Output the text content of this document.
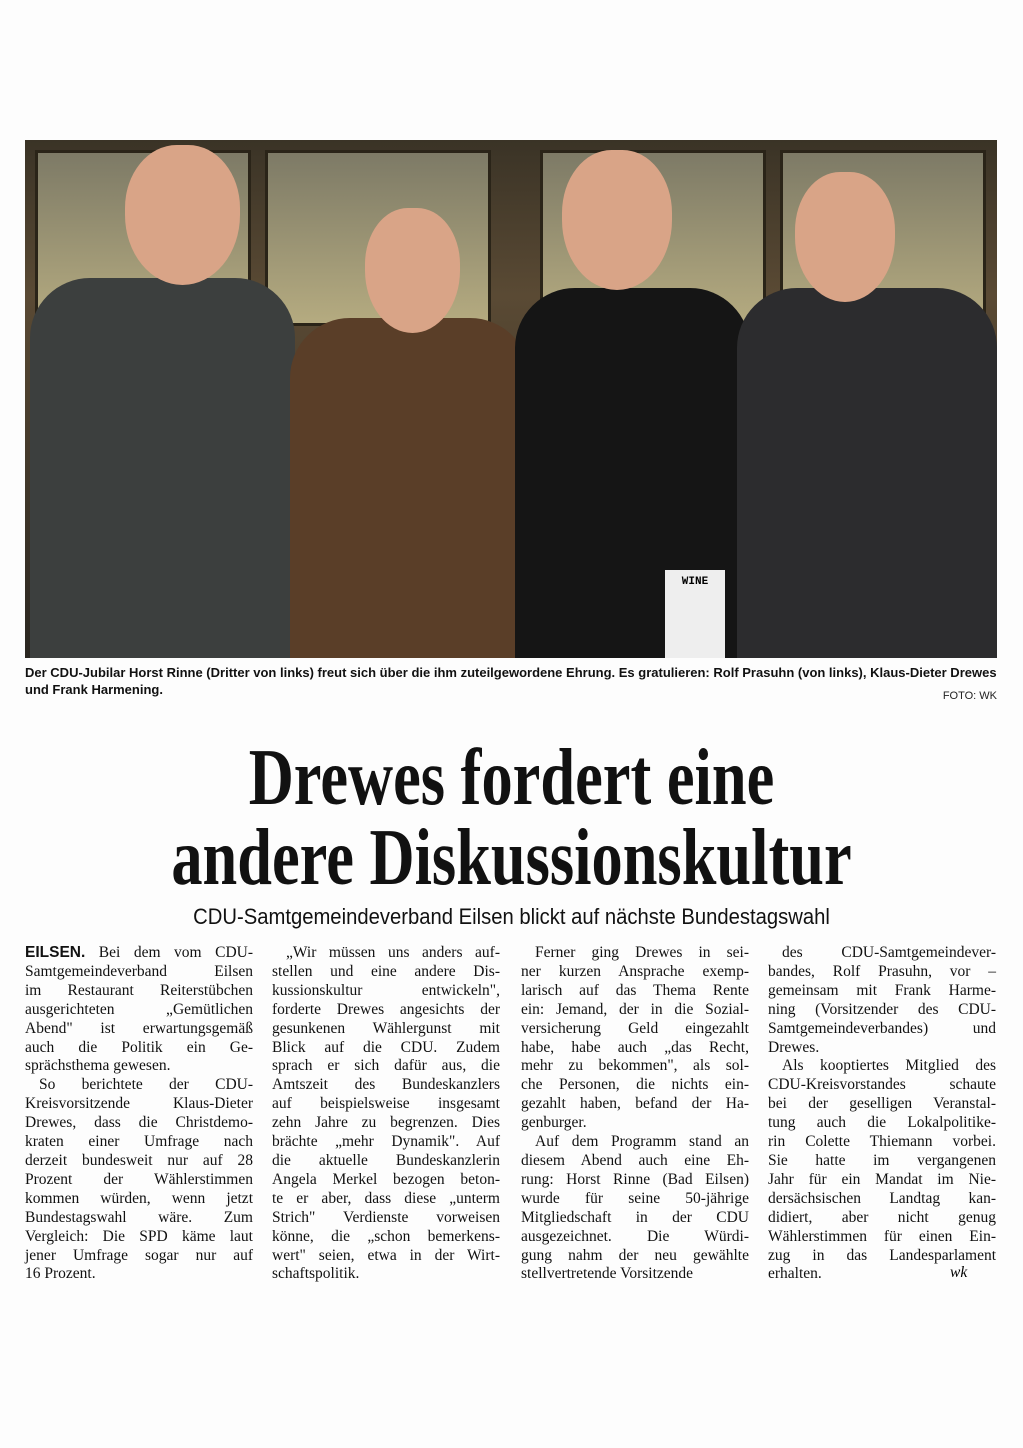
WINE
Der CDU-Jubilar Horst Rinne (Dritter von links) freut sich über die ihm zuteilgewordene Ehrung. Es gratulieren: Rolf Prasuhn (von links), Klaus-Dieter Drewes und Frank Harmening.	FOTO: WK
Drewes fordert eine
andere Diskussionskultur
CDU-Samtgemeindeverband Eilsen blickt auf nächste Bundestagswahl
EILSEN. Bei dem vom CDU-
Samtgemeindeverband Eilsen
im Restaurant Reiterstübchen
ausgerichteten „Gemütlichen
Abend" ist erwartungsgemäß
auch die Politik ein Ge-
sprächsthema gewesen.
So berichtete der CDU-
Kreisvorsitzende Klaus-Dieter
Drewes, dass die Christdemo-
kraten einer Umfrage nach
derzeit bundesweit nur auf 28
Prozent der Wählerstimmen
kommen würden, wenn jetzt
Bundestagswahl wäre. Zum
Vergleich: Die SPD käme laut
jener Umfrage sogar nur auf
16 Prozent.
„Wir müssen uns anders auf-
stellen und eine andere Dis-
kussionskultur entwickeln",
forderte Drewes angesichts der
gesunkenen Wählergunst mit
Blick auf die CDU. Zudem
sprach er sich dafür aus, die
Amtszeit des Bundeskanzlers
auf beispielsweise insgesamt
zehn Jahre zu begrenzen. Dies
brächte „mehr Dynamik". Auf
die aktuelle Bundeskanzlerin
Angela Merkel bezogen beton-
te er aber, dass diese „unterm
Strich" Verdienste vorweisen
könne, die „schon bemerkens-
wert" seien, etwa in der Wirt-
schaftspolitik.
Ferner ging Drewes in sei-
ner kurzen Ansprache exemp-
larisch auf das Thema Rente
ein: Jemand, der in die Sozial-
versicherung Geld eingezahlt
habe, habe auch „das Recht,
mehr zu bekommen", als sol-
che Personen, die nichts ein-
gezahlt haben, befand der Ha-
genburger.
Auf dem Programm stand an
diesem Abend auch eine Eh-
rung: Horst Rinne (Bad Eilsen)
wurde für seine 50-jährige
Mitgliedschaft in der CDU
ausgezeichnet. Die Würdi-
gung nahm der neu gewählte
stellvertretende Vorsitzende
des CDU-Samtgemeindever-
bandes, Rolf Prasuhn, vor –
gemeinsam mit Frank Harme-
ning (Vorsitzender des CDU-
Samtgemeindeverbandes) und
Drewes.
Als kooptiertes Mitglied des
CDU-Kreisvorstandes schaute
bei der geselligen Veranstal-
tung auch die Lokalpolitike-
rin Colette Thiemann vorbei.
Sie hatte im vergangenen
Jahr für ein Mandat im Nie-
dersächsischen Landtag kan-
didiert, aber nicht genug
Wählerstimmen für einen Ein-
zug in das Landesparlament
erhalten.	wk
